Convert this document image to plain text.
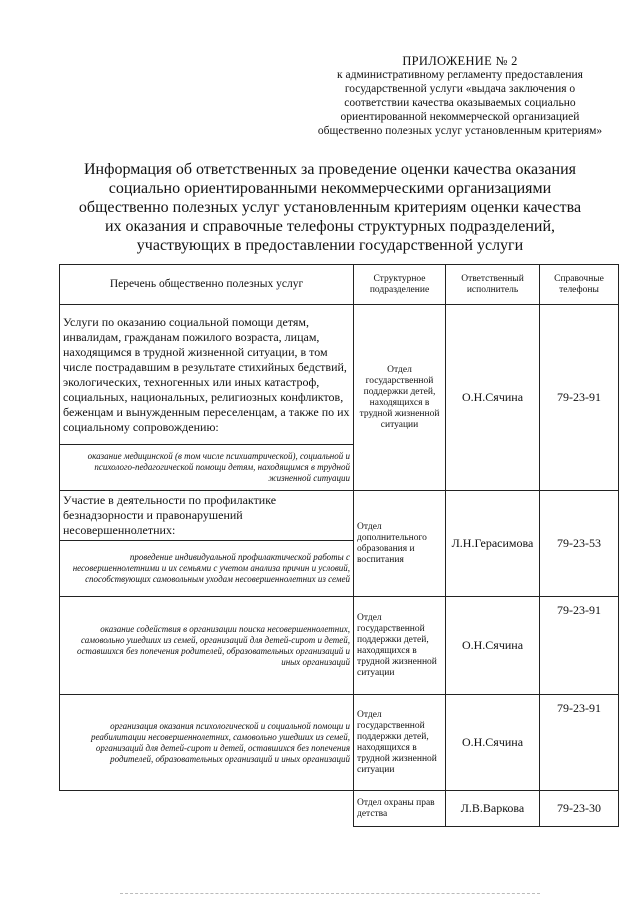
ПРИЛОЖЕНИЕ № 2
к административному регламенту предоставления
государственной услуги «выдача заключения о
соответствии качества оказываемых социально
ориентированной некоммерческой организацией
общественно полезных услуг установленным критериям»
Информация об ответственных за проведение оценки качества оказания социально ориентированными некоммерческими организациями общественно полезных услуг установленным критериям оценки качества их оказания и справочные телефоны структурных подразделений, участвующих в предоставлении государственной услуги
Перечень общественно полезных услуг	Структурное подразделение	Ответственный исполнитель	Справочные телефоны
Услуги по оказанию социальной помощи детям, инвалидам, гражданам пожилого возраста, лицам, находящимся в трудной жизненной ситуации, в том числе пострадавшим в результате стихийных бедствий, экологических, техногенных или иных катастроф, социальных, национальных, религиозных конфликтов, беженцам и вынужденным переселенцам, а также по их социальному сопровождению:	Отдел государственной поддержки детей, находящихся в трудной жизненной ситуации	О.Н.Сячина	79-23-91
оказание медицинской (в том числе психиатрической), социальной и психолого-педагогической помощи детям, находящимся в трудной жизненной ситуации			
Участие в деятельности по профилактике безнадзорности и правонарушений несовершеннолетних:	Отдел дополнительного образования и воспитания	Л.Н.Герасимова	79-23-53
проведение индивидуальной профилактической работы с несовершеннолетними и их семьями с учетом анализа причин и условий, способствующих самовольным уходам несовершеннолетних из семей			
оказание содействия в организации поиска несовершеннолетних, самовольно ушедших из семей, организаций для детей-сирот и детей, оставшихся без попечения родителей, образовательных организаций и иных организаций	Отдел государственной поддержки детей, находящихся в трудной жизненной ситуации	О.Н.Сячина	79-23-91
организация оказания психологической и социальной помощи и реабилитации несовершеннолетних, самовольно ушедших из семей, организаций для детей-сирот и детей, оставшихся без попечения родителей, образовательных организаций и иных организаций	Отдел государственной поддержки детей, находящихся в трудной жизненной ситуации	О.Н.Сячина	79-23-91
	Отдел охраны прав детства	Л.В.Варкова	79-23-30
